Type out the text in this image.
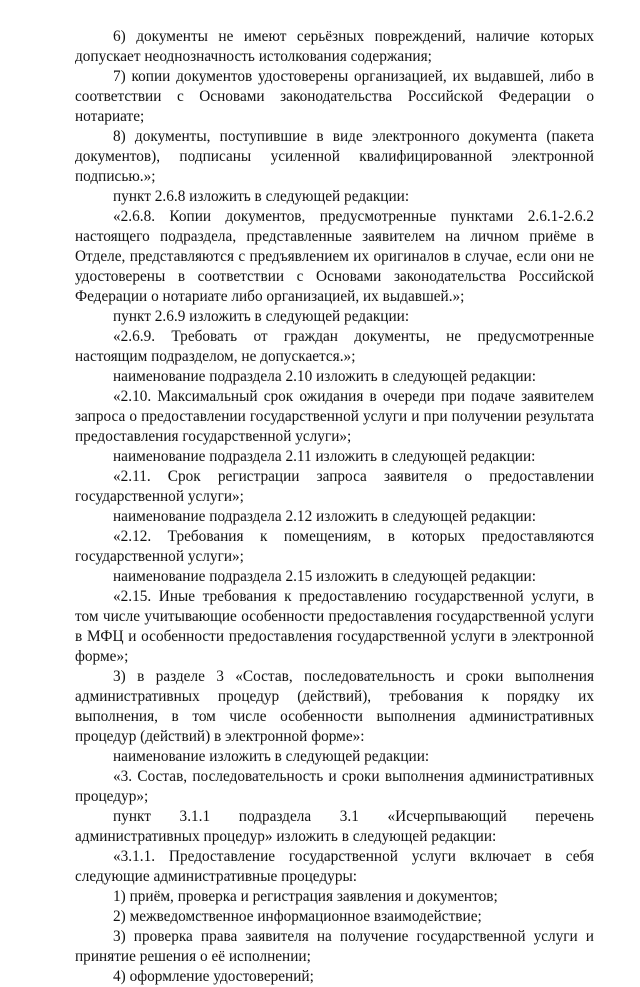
6) документы не имеют серьёзных повреждений, наличие которых допускает неоднозначность истолкования содержания;

7) копии документов удостоверены организацией, их выдавшей, либо в соответствии с Основами законодательства Российской Федерации о нотариате;

8) документы, поступившие в виде электронного документа (пакета документов), подписаны усиленной квалифицированной электронной подписью.»;

пункт 2.6.8 изложить в следующей редакции:

«2.6.8. Копии документов, предусмотренные пунктами 2.6.1-2.6.2 настоящего подраздела, представленные заявителем на личном приёме в Отделе, представляются с предъявлением их оригиналов в случае, если они не удостоверены в соответствии с Основами законодательства Российской Федерации о нотариате либо организацией, их выдавшей.»;

пункт 2.6.9 изложить в следующей редакции:

«2.6.9. Требовать от граждан документы, не предусмотренные настоящим подразделом, не допускается.»;

наименование подраздела 2.10 изложить в следующей редакции:

«2.10. Максимальный срок ожидания в очереди при подаче заявителем запроса о предоставлении государственной услуги и при получении результата предоставления государственной услуги»;

наименование подраздела 2.11 изложить в следующей редакции:

«2.11. Срок регистрации запроса заявителя о предоставлении государственной услуги»;

наименование подраздела 2.12 изложить в следующей редакции:

«2.12. Требования к помещениям, в которых предоставляются государственной услуги»;

наименование подраздела 2.15 изложить в следующей редакции:

«2.15. Иные требования к предоставлению государственной услуги, в том числе учитывающие особенности предоставления государственной услуги в МФЦ и особенности предоставления государственной услуги в электронной форме»;

3) в разделе 3 «Состав, последовательность и сроки выполнения административных процедур (действий), требования к порядку их выполнения, в том числе особенности выполнения административных процедур (действий) в электронной форме»:

наименование изложить в следующей редакции:

«3. Состав, последовательность и сроки выполнения административных процедур»;

пункт 3.1.1 подраздела 3.1 «Исчерпывающий перечень административных процедур» изложить в следующей редакции:

«3.1.1. Предоставление государственной услуги включает в себя следующие административные процедуры:

1) приём, проверка и регистрация заявления и документов;

2) межведомственное информационное взаимодействие;

3) проверка права заявителя на получение государственной услуги и принятие решения о её исполнении;

4) оформление удостоверений;
